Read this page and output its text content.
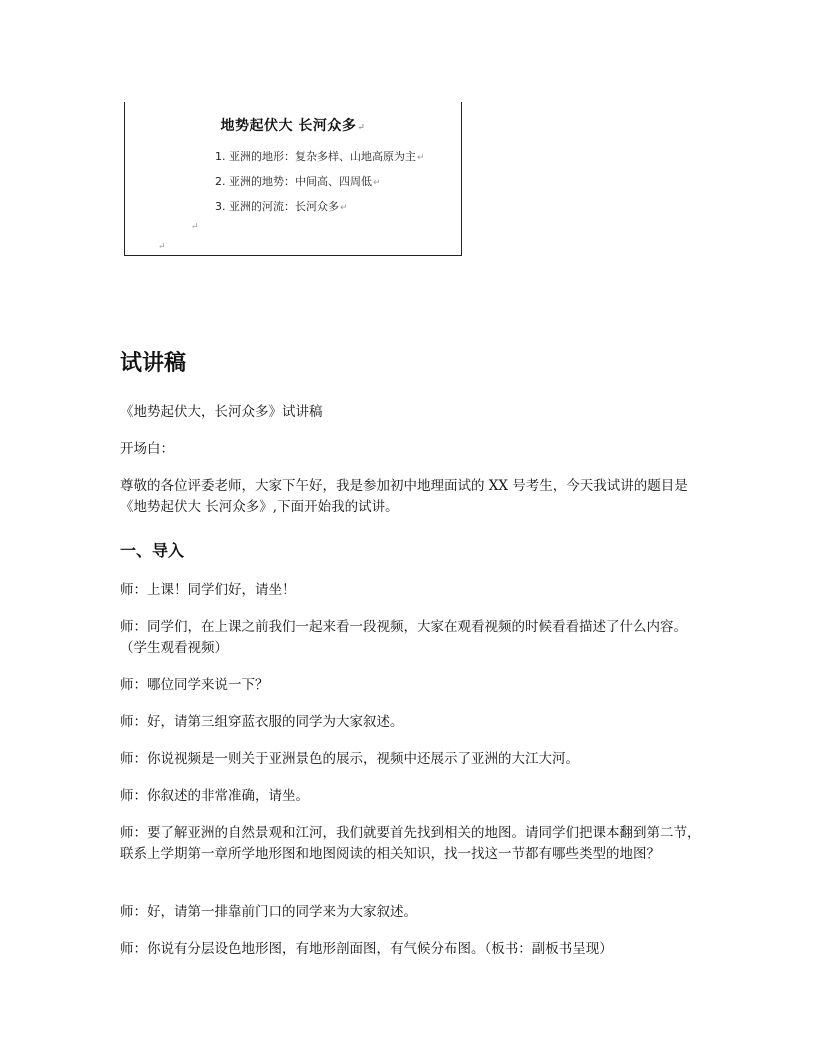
地势起伏大 长河众多↵
1. 亚洲的地形：复杂多样、山地高原为主↵
2. 亚洲的地势：中间高、四周低↵
3. 亚洲的河流：长河众多↵
↵
↵
试讲稿

《地势起伏大，长河众多》试讲稿

开场白：

尊敬的各位评委老师，大家下午好，我是参加初中地理面试的 XX 号考生，今天我试讲的题目是《地势起伏大 长河众多》,下面开始我的试讲。

一、导入

师：上课！同学们好，请坐！

师：同学们，在上课之前我们一起来看一段视频，大家在观看视频的时候看看描述了什么内容。（学生观看视频）

师：哪位同学来说一下？

师：好，请第三组穿蓝衣服的同学为大家叙述。

师：你说视频是一则关于亚洲景色的展示，视频中还展示了亚洲的大江大河。

师：你叙述的非常准确，请坐。

师：要了解亚洲的自然景观和江河，我们就要首先找到相关的地图。请同学们把课本翻到第二节，联系上学期第一章所学地形图和地图阅读的相关知识，找一找这一节都有哪些类型的地图？

师：好，请第一排靠前门口的同学来为大家叙述。

师：你说有分层设色地形图，有地形剖面图，有气候分布图。（板书：副板书呈现）
